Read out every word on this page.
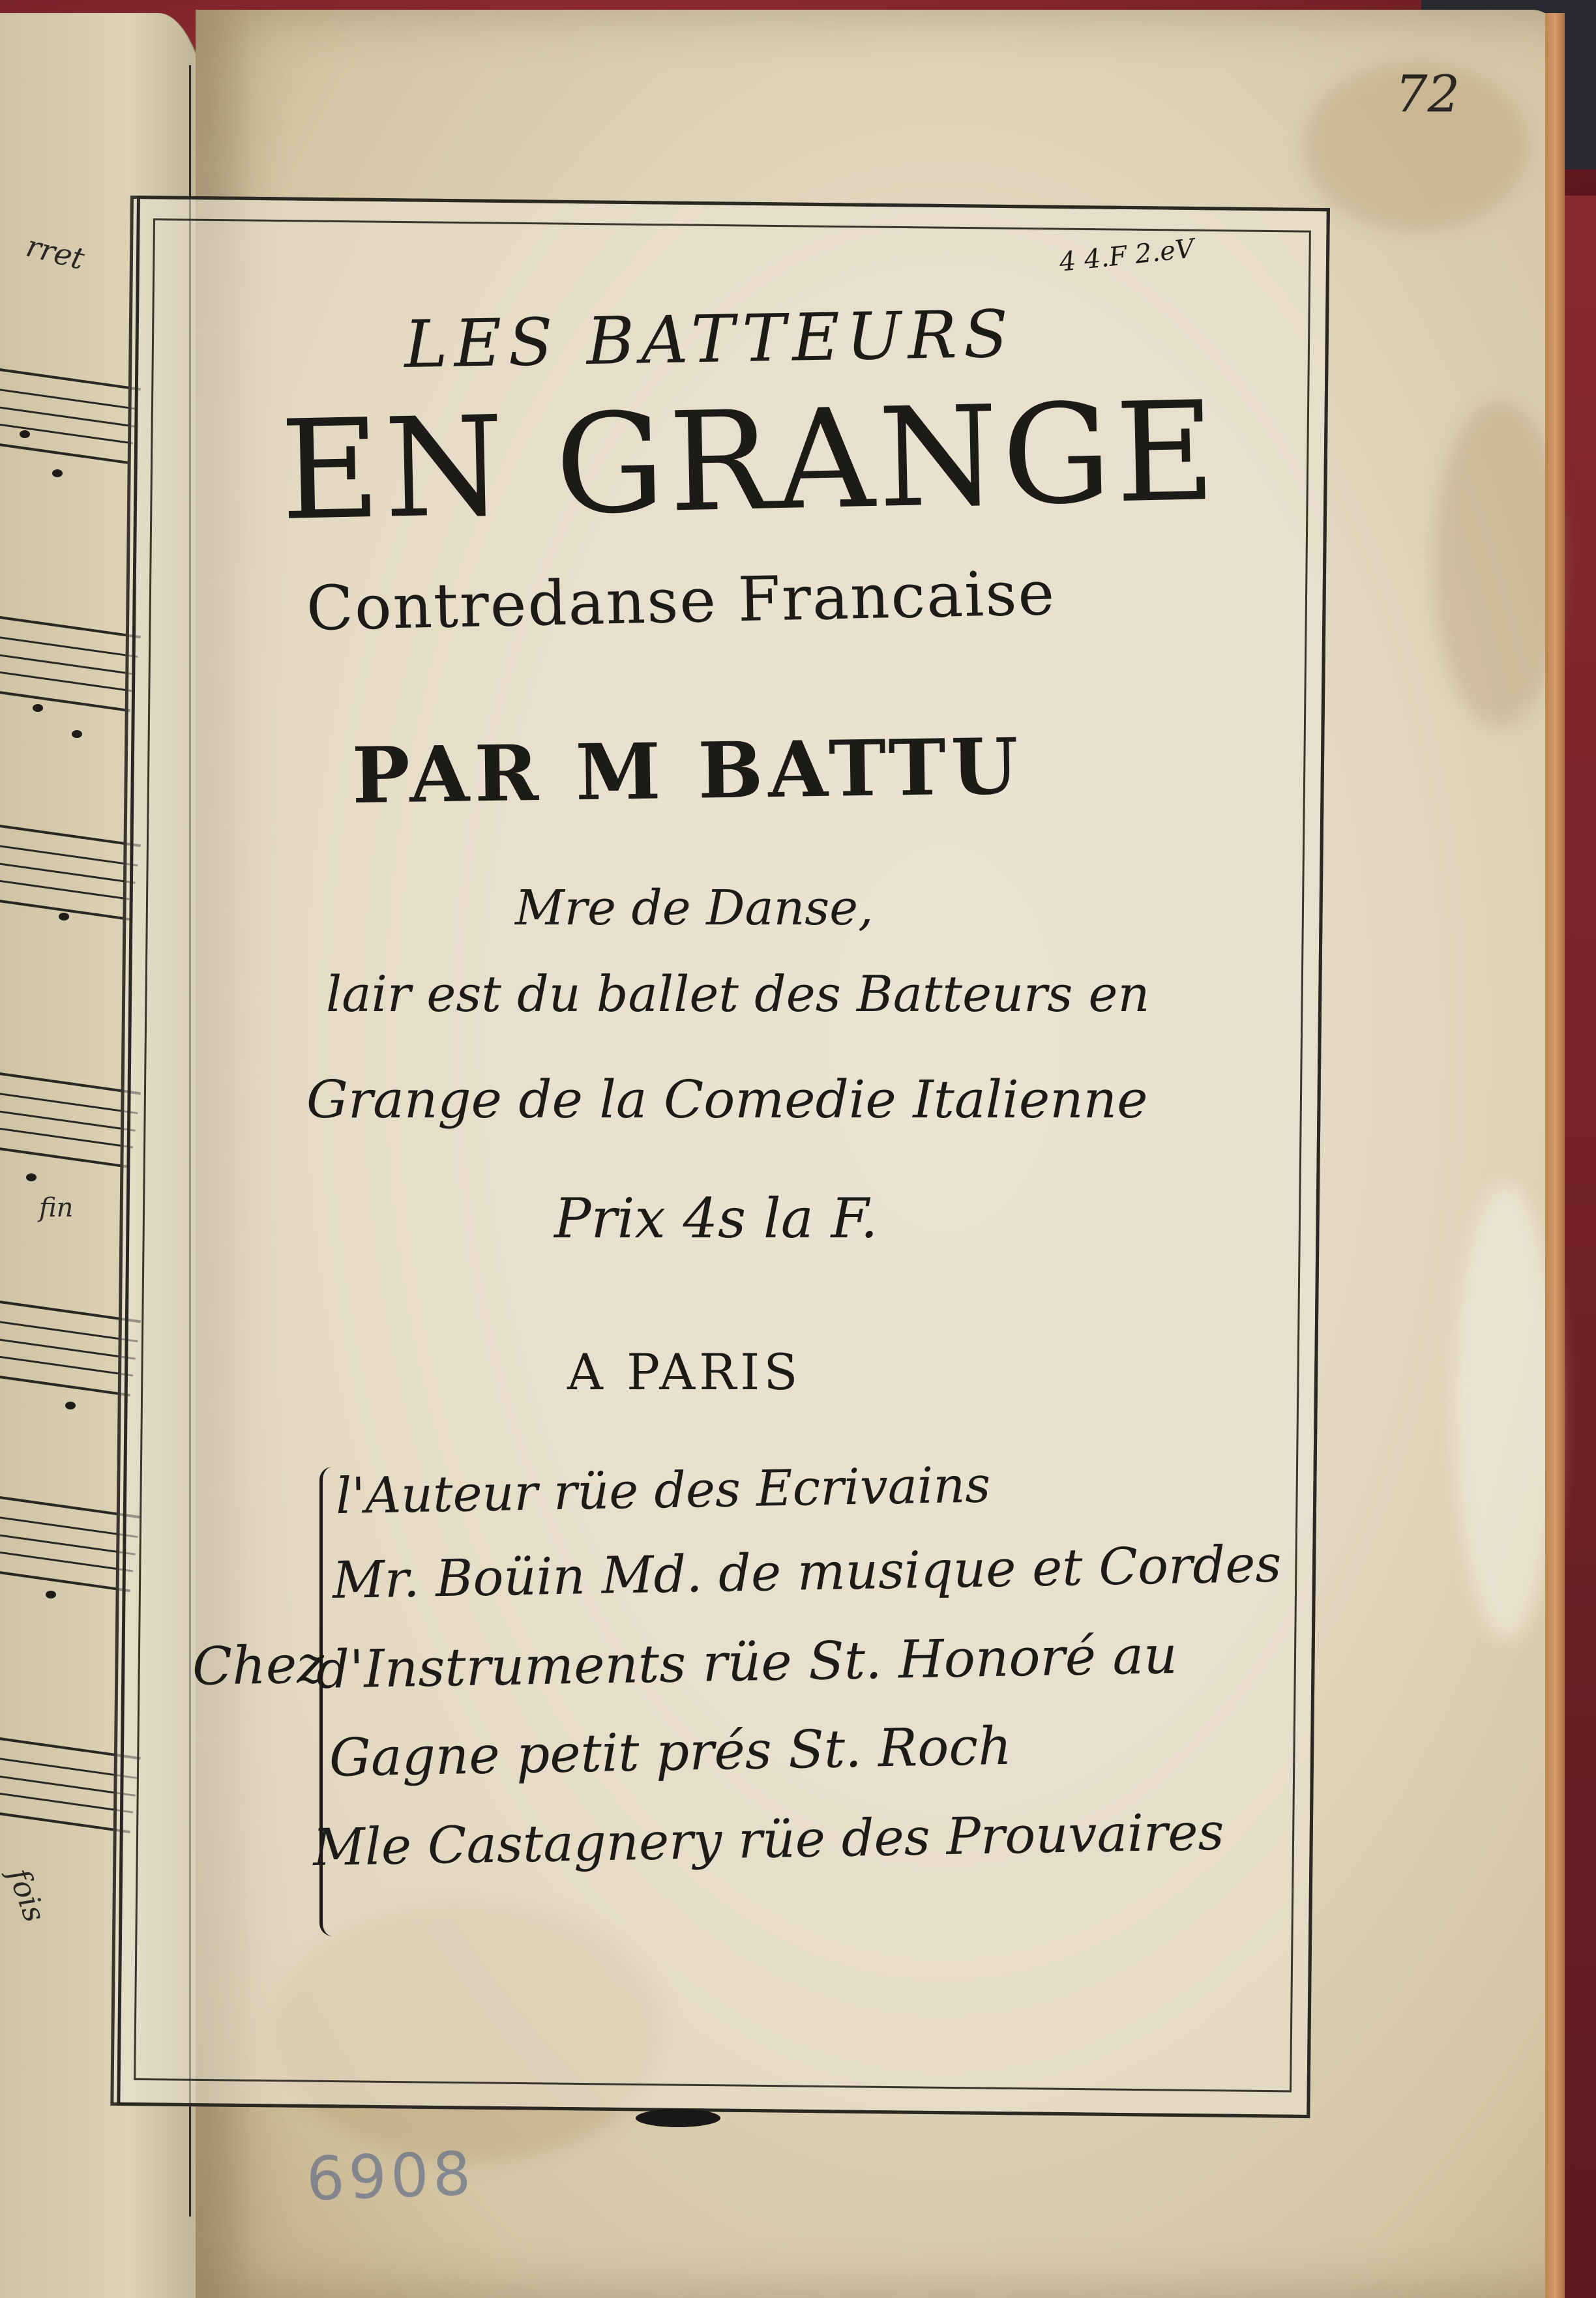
rret
fin
fois
72
LES BATTEURS
4 4.F 2.eV
EN GRANGE
Contredanse Francaise
PAR M BATTU
Mre de Danse,
lair est du ballet des Batteurs en
Grange de la Comedie Italienne
Prix 4s la F.
A PARIS
Chez
l'Auteur rüe des Ecrivains
Mr. Boüin Md. de musique et Cordes
d'Instruments rüe St. Honoré au
Gagne petit prés St. Roch
Mle Castagnery rüe des Prouvaires
6908
